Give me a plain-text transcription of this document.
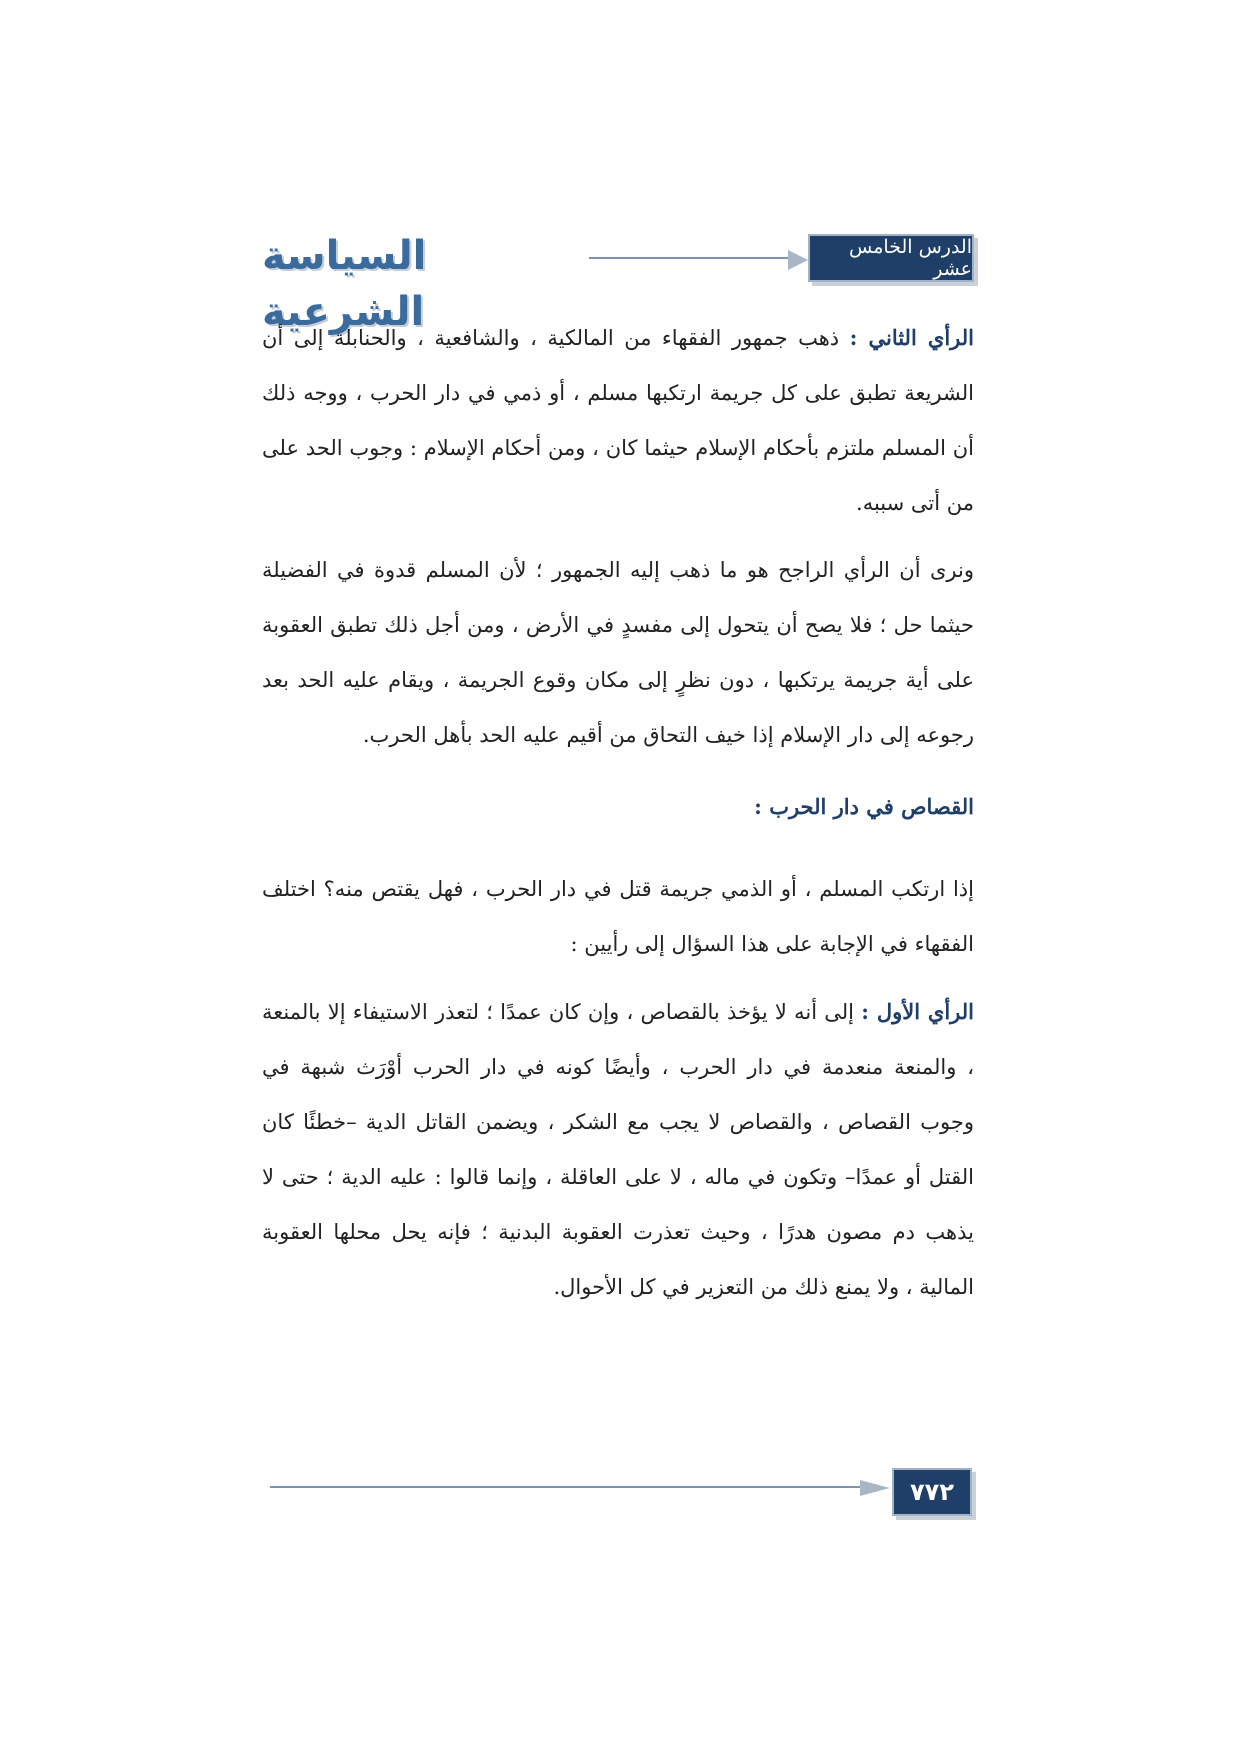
السياسة الشرعية
الدرس الخامس عشر

الرأي الثاني : ذهب جمهور الفقهاء من المالكية ، والشافعية ، والحنابلة إلى أن الشريعة تطبق على كل جريمة ارتكبها مسلم ، أو ذمي في دار الحرب ، ووجه ذلك أن المسلم ملتزم بأحكام الإسلام حيثما كان ، ومن أحكام الإسلام : وجوب الحد على من أتى سببه.

ونرى أن الرأي الراجح هو ما ذهب إليه الجمهور ؛ لأن المسلم قدوة في الفضيلة حيثما حل ؛ فلا يصح أن يتحول إلى مفسدٍ في الأرض ، ومن أجل ذلك تطبق العقوبة على أية جريمة يرتكبها ، دون نظرٍ إلى مكان وقوع الجريمة ، ويقام عليه الحد بعد رجوعه إلى دار الإسلام إذا خيف التحاق من أقيم عليه الحد بأهل الحرب.

القصاص في دار الحرب :

إذا ارتكب المسلم ، أو الذمي جريمة قتل في دار الحرب ، فهل يقتص منه؟ اختلف الفقهاء في الإجابة على هذا السؤال إلى رأيين :

الرأي الأول : إلى أنه لا يؤخذ بالقصاص ، وإن كان عمدًا ؛ لتعذر الاستيفاء إلا بالمنعة ، والمنعة منعدمة في دار الحرب ، وأيضًا كونه في دار الحرب أوْرَث شبهة في وجوب القصاص ، والقصاص لا يجب مع الشكر ، ويضمن القاتل الدية –خطئًا كان القتل أو عمدًا– وتكون في ماله ، لا على العاقلة ، وإنما قالوا : عليه الدية ؛ حتى لا يذهب دم مصون هدرًا ، وحيث تعذرت العقوبة البدنية ؛ فإنه يحل محلها العقوبة المالية ، ولا يمنع ذلك من التعزير في كل الأحوال.

٧٧٢
